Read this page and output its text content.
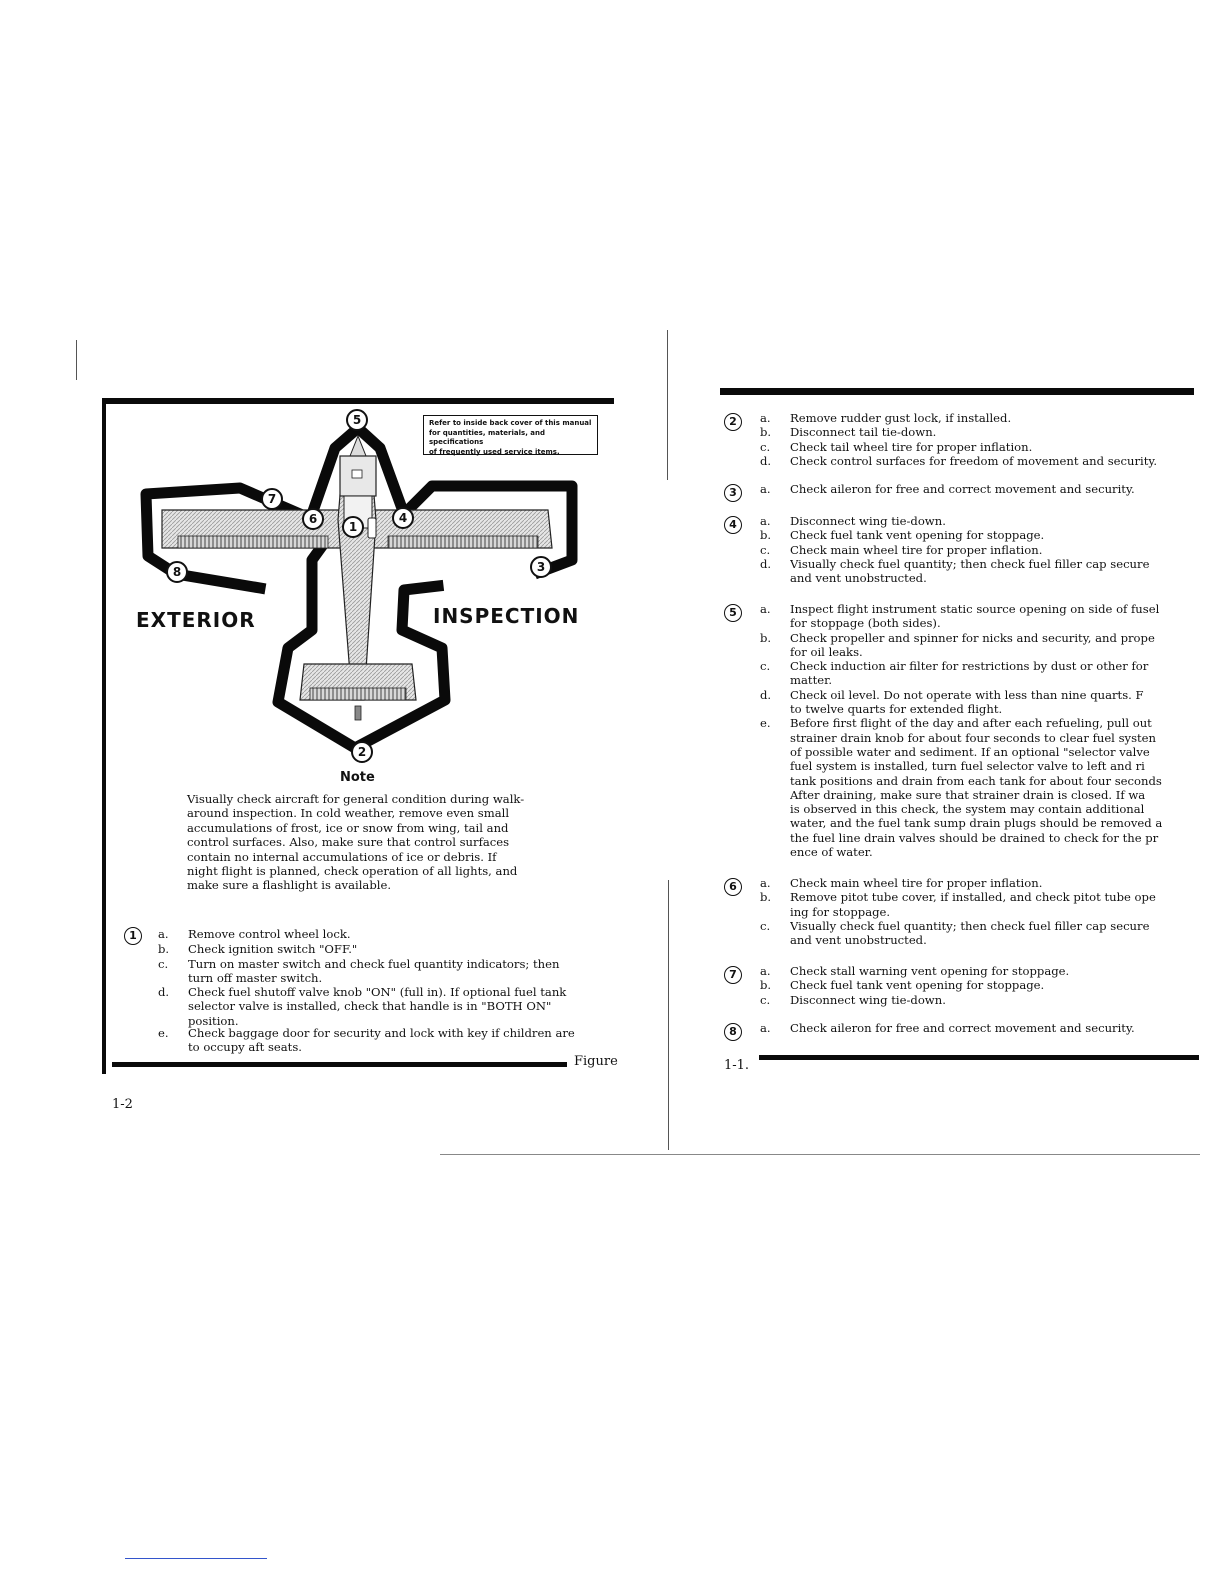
5
7
6
1
4
8	3
2
Refer to inside back cover of this manual
for quantities, materials, and specifications
of frequently used service items.
EXTERIOR	INSPECTION
Note
Visually check aircraft for general condition during walk-
around inspection. In cold weather, remove even small
accumulations of frost, ice or snow from wing, tail and
control surfaces. Also, make sure that control surfaces
contain no internal accumulations of ice or debris. If
night flight is planned, check operation of all lights, and
make sure a flashlight is available.
1	a.	Remove control wheel lock.
b.	Check ignition switch "OFF."
c.	Turn on master switch and check fuel quantity indicators; then
turn off master switch.
d.	Check fuel shutoff valve knob "ON" (full in). If optional fuel tank
selector valve is installed, check that handle is in "BOTH ON"
position.
e.	Check baggage door for security and lock with key if children are
to occupy aft seats.
Figure	1-1.
1-2
2	a.	Remove rudder gust lock, if installed.
b.	Disconnect tail tie-down.
c.	Check tail wheel tire for proper inflation.
d.	Check control surfaces for freedom of movement and security.
3	a.	Check aileron for free and correct movement and security.
4	a.	Disconnect wing tie-down.
b.	Check fuel tank vent opening for stoppage.
c.	Check main wheel tire for proper inflation.
d.	Visually check fuel quantity; then check fuel filler cap secure
and vent unobstructed.
5	a.	Inspect flight instrument static source opening on side of fusel
for stoppage (both sides).
b.	Check propeller and spinner for nicks and security, and prope
for oil leaks.
c.	Check induction air filter for restrictions by dust or other for
matter.
d.	Check oil level. Do not operate with less than nine quarts. F
to twelve quarts for extended flight.
e.	Before first flight of the day and after each refueling, pull out
strainer drain knob for about four seconds to clear fuel systen
of possible water and sediment. If an optional "selector valve
fuel system is installed, turn fuel selector valve to left and ri
tank positions and drain from each tank for about four seconds
After draining, make sure that strainer drain is closed. If wa
is observed in this check, the system may contain additional
water, and the fuel tank sump drain plugs should be removed a
the fuel line drain valves should be drained to check for the pr
ence of water.
6	a.	Check main wheel tire for proper inflation.
b.	Remove pitot tube cover, if installed, and check pitot tube ope
ing for stoppage.
c.	Visually check fuel quantity; then check fuel filler cap secure
and vent unobstructed.
7	a.	Check stall warning vent opening for stoppage.
b.	Check fuel tank vent opening for stoppage.
c.	Disconnect wing tie-down.
8	a.	Check aileron for free and correct movement and security.
